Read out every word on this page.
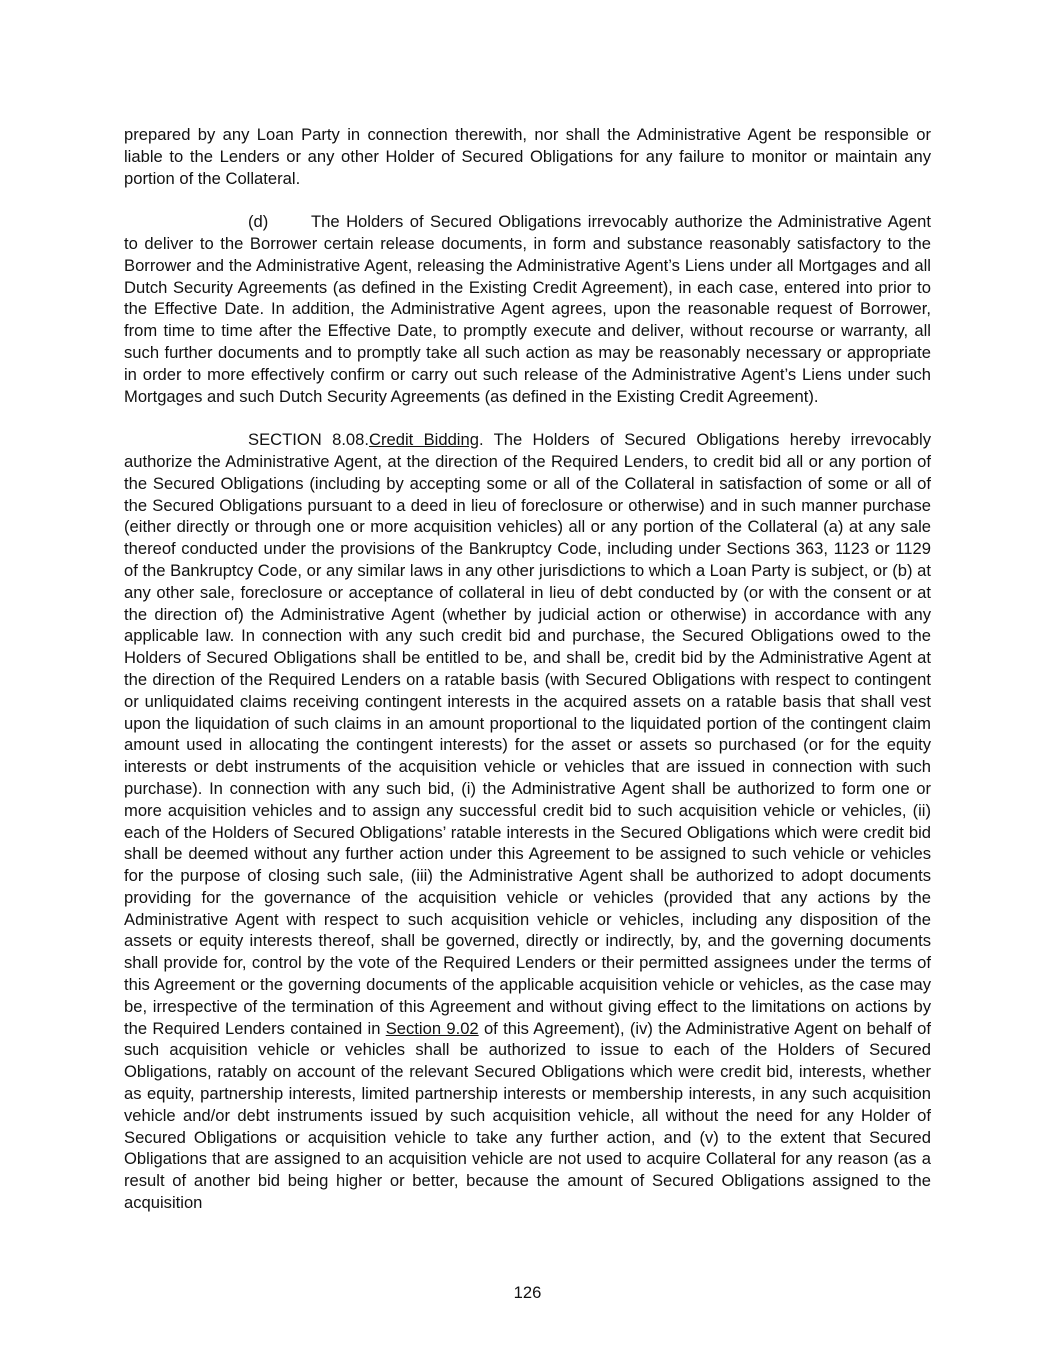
prepared by any Loan Party in connection therewith, nor shall the Administrative Agent be responsible or liable to the Lenders or any other Holder of Secured Obligations for any failure to monitor or maintain any portion of the Collateral.

(d)	The Holders of Secured Obligations irrevocably authorize the Administrative Agent to deliver to the Borrower certain release documents, in form and substance reasonably satisfactory to the Borrower and the Administrative Agent, releasing the Administrative Agent’s Liens under all Mortgages and all Dutch Security Agreements (as defined in the Existing Credit Agreement), in each case, entered into prior to the Effective Date. In addition, the Administrative Agent agrees, upon the reasonable request of Borrower, from time to time after the Effective Date, to promptly execute and deliver, without recourse or warranty, all such further documents and to promptly take all such action as may be reasonably necessary or appropriate in order to more effectively confirm or carry out such release of the Administrative Agent’s Liens under such Mortgages and such Dutch Security Agreements (as defined in the Existing Credit Agreement).

SECTION 8.08.Credit Bidding. The Holders of Secured Obligations hereby irrevocably authorize the Administrative Agent, at the direction of the Required Lenders, to credit bid all or any portion of the Secured Obligations (including by accepting some or all of the Collateral in satisfaction of some or all of the Secured Obligations pursuant to a deed in lieu of foreclosure or otherwise) and in such manner purchase (either directly or through one or more acquisition vehicles) all or any portion of the Collateral (a) at any sale thereof conducted under the provisions of the Bankruptcy Code, including under Sections 363, 1123 or 1129 of the Bankruptcy Code, or any similar laws in any other jurisdictions to which a Loan Party is subject, or (b) at any other sale, foreclosure or acceptance of collateral in lieu of debt conducted by (or with the consent or at the direction of) the Administrative Agent (whether by judicial action or otherwise) in accordance with any applicable law. In connection with any such credit bid and purchase, the Secured Obligations owed to the Holders of Secured Obligations shall be entitled to be, and shall be, credit bid by the Administrative Agent at the direction of the Required Lenders on a ratable basis (with Secured Obligations with respect to contingent or unliquidated claims receiving contingent interests in the acquired assets on a ratable basis that shall vest upon the liquidation of such claims in an amount proportional to the liquidated portion of the contingent claim amount used in allocating the contingent interests) for the asset or assets so purchased (or for the equity interests or debt instruments of the acquisition vehicle or vehicles that are issued in connection with such purchase). In connection with any such bid, (i) the Administrative Agent shall be authorized to form one or more acquisition vehicles and to assign any successful credit bid to such acquisition vehicle or vehicles, (ii) each of the Holders of Secured Obligations’ ratable interests in the Secured Obligations which were credit bid shall be deemed without any further action under this Agreement to be assigned to such vehicle or vehicles for the purpose of closing such sale, (iii) the Administrative Agent shall be authorized to adopt documents providing for the governance of the acquisition vehicle or vehicles (provided that any actions by the Administrative Agent with respect to such acquisition vehicle or vehicles, including any disposition of the assets or equity interests thereof, shall be governed, directly or indirectly, by, and the governing documents shall provide for, control by the vote of the Required Lenders or their permitted assignees under the terms of this Agreement or the governing documents of the applicable acquisition vehicle or vehicles, as the case may be, irrespective of the termination of this Agreement and without giving effect to the limitations on actions by the Required Lenders contained in Section 9.02 of this Agreement), (iv) the Administrative Agent on behalf of such acquisition vehicle or vehicles shall be authorized to issue to each of the Holders of Secured Obligations, ratably on account of the relevant Secured Obligations which were credit bid, interests, whether as equity, partnership interests, limited partnership interests or membership interests, in any such acquisition vehicle and/or debt instruments issued by such acquisition vehicle, all without the need for any Holder of Secured Obligations or acquisition vehicle to take any further action, and (v) to the extent that Secured Obligations that are assigned to an acquisition vehicle are not used to acquire Collateral for any reason (as a result of another bid being higher or better, because the amount of Secured Obligations assigned to the acquisition

126
